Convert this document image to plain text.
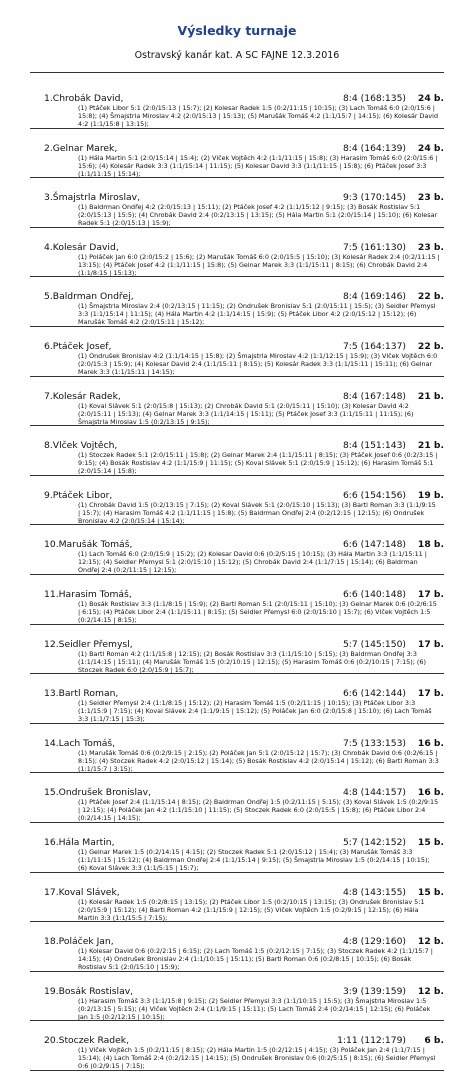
Výsledky turnaje
Ostravský kanár kat. A SC FAJNE 12.3.2016
1.Chrobák David,	8:4 (168:135)	24 b.
(1) Ptáček Libor 5:1 (2:0/15:13 | 15:7); (2) Kolesar Radek 1:5 (0:2/11:15 | 10:15); (3) Lach Tomáš 6:0 (2:0/15:6 | 15:8); (4) Šmajstrla Miroslav 4:2 (2:0/15:13 | 15:13); (5) Marušák Tomáš 4:2 (1:1/15:7 | 14:15); (6) Kolesár David 4:2 (1:1/15:8 | 13:15);
2.Gelnar Marek,	8:4 (164:139)	24 b.
(1) Hála Martin 5:1 (2:0/15:14 | 15:4); (2) Vlček Vojtěch 4:2 (1:1/11:15 | 15:8); (3) Harasim Tomáš 6:0 (2:0/15:6 | 15:6); (4) Kolesár Radek 3:3 (1:1/15:14 | 11:15); (5) Kolesar David 3:3 (1:1/11:15 | 15:8); (6) Ptáček Josef 3:3 (1:1/11:15 | 15:14);
3.Šmajstrla Miroslav,	9:3 (170:145)	23 b.
(1) Baldrman Ondřej 4:2 (2:0/15:13 | 15:11); (2) Ptáček Josef 4:2 (1:1/15:12 | 9:15); (3) Bosák Rostislav 5:1 (2:0/15:13 | 15:5); (4) Chrobák David 2:4 (0:2/13:15 | 13:15); (5) Hála Martin 5:1 (2:0/15:14 | 15:10); (6) Kolesar Radek 5:1 (2:0/15:13 | 15:9);
4.Kolesár David,	7:5 (161:130)	23 b.
(1) Poláček Jan 6:0 (2:0/15:2 | 15:6); (2) Marušák Tomáš 6:0 (2:0/15:5 | 15:10); (3) Kolesár Radek 2:4 (0:2/11:15 | 13:15); (4) Ptáček Josef 4:2 (1:1/11:15 | 15:8); (5) Gelnar Marek 3:3 (1:1/15:11 | 8:15); (6) Chrobák David 2:4 (1:1/8:15 | 15:13);
5.Baldrman Ondřej,	8:4 (169:146)	22 b.
(1) Šmajstrla Miroslav 2:4 (0:2/13:15 | 11:15); (2) Ondrušek Bronislav 5:1 (2:0/15:11 | 15:5); (3) Seidler Přemysl 3:3 (1:1/15:14 | 11:15); (4) Hála Martin 4:2 (1:1/14:15 | 15:9); (5) Ptáček Libor 4:2 (2:0/15:12 | 15:12); (6) Marušák Tomáš 4:2 (2:0/15:11 | 15:12);
6.Ptáček Josef,	7:5 (164:137)	22 b.
(1) Ondrušek Bronislav 4:2 (1:1/14:15 | 15:8); (2) Šmajstrla Miroslav 4:2 (1:1/12:15 | 15:9); (3) Vlček Vojtěch 6:0 (2:0/15:3 | 15:9); (4) Kolesar David 2:4 (1:1/15:11 | 8:15); (5) Kolesár Radek 3:3 (1:1/15:11 | 15:11); (6) Gelnar Marek 3:3 (1:1/15:11 | 14:15);
7.Kolesár Radek,	8:4 (167:148)	21 b.
(1) Koval Slávek 5:1 (2:0/15:8 | 15:13); (2) Chrobák David 5:1 (2:0/15:11 | 15:10); (3) Kolesar David 4:2 (2:0/15:11 | 15:13); (4) Gelnar Marek 3:3 (1:1/14:15 | 15:11); (5) Ptáček Josef 3:3 (1:1/15:11 | 11:15); (6) Šmajstrla Miroslav 1:5 (0:2/13:15 | 9:15);
8.Vlček Vojtěch,	8:4 (151:143)	21 b.
(1) Stoczek Radek 5:1 (2:0/15:11 | 15:8); (2) Gelnar Marek 2:4 (1:1/15:11 | 8:15); (3) Ptáček Josef 0:6 (0:2/3:15 | 9:15); (4) Bosák Rostislav 4:2 (1:1/15:9 | 11:15); (5) Koval Slávek 5:1 (2:0/15:9 | 15:12); (6) Harasim Tomáš 5:1 (2:0/15:14 | 15:8);
9.Ptáček Libor,	6:6 (154:156)	19 b.
(1) Chrobák David 1:5 (0:2/13:15 | 7:15); (2) Koval Slávek 5:1 (2:0/15:10 | 15:13); (3) Bartl Roman 3:3 (1:1/9:15 | 15:7); (4) Harasim Tomáš 4:2 (1:1/11:15 | 15:8); (5) Baldrman Ondřej 2:4 (0:2/12:15 | 12:15); (6) Ondrušek Bronislav 4:2 (2:0/15:14 | 15:14);
10.Marušák Tomáš,	6:6 (147:148)	18 b.
(1) Lach Tomáš 6:0 (2:0/15:9 | 15:2); (2) Kolesar David 0:6 (0:2/5:15 | 10:15); (3) Hála Martin 3:3 (1:1/15:11 | 12:15); (4) Seidler Přemysl 5:1 (2:0/15:10 | 15:12); (5) Chrobák David 2:4 (1:1/7:15 | 15:14); (6) Baldrman Ondřej 2:4 (0:2/11:15 | 12:15);
11.Harasim Tomáš,	6:6 (140:148)	17 b.
(1) Bosák Rostislav 3:3 (1:1/8:15 | 15:9); (2) Bartl Roman 5:1 (2:0/15:11 | 15:10); (3) Gelnar Marek 0:6 (0:2/6:15 | 6:15); (4) Ptáček Libor 2:4 (1:1/15:11 | 8:15); (5) Seidler Přemysl 6:0 (2:0/15:10 | 15:7); (6) Vlček Vojtěch 1:5 (0:2/14:15 | 8:15);
12.Seidler Přemysl,	5:7 (145:150)	17 b.
(1) Bartl Roman 4:2 (1:1/15:8 | 12:15); (2) Bosák Rostislav 3:3 (1:1/15:10 | 5:15); (3) Baldrman Ondřej 3:3 (1:1/14:15 | 15:11); (4) Marušák Tomáš 1:5 (0:2/10:15 | 12:15); (5) Harasim Tomáš 0:6 (0:2/10:15 | 7:15); (6) Stoczek Radek 6:0 (2:0/15:9 | 15:7);
13.Bartl Roman,	6:6 (142:144)	17 b.
(1) Seidler Přemysl 2:4 (1:1/8:15 | 15:12); (2) Harasim Tomáš 1:5 (0:2/11:15 | 10:15); (3) Ptáček Libor 3:3 (1:1/15:9 | 7:15); (4) Koval Slávek 2:4 (1:1/9:15 | 15:12); (5) Poláček Jan 6:0 (2:0/15:8 | 15:10); (6) Lach Tomáš 3:3 (1:1/7:15 | 15:3);
14.Lach Tomáš,	7:5 (133:153)	16 b.
(1) Marušák Tomáš 0:6 (0:2/9:15 | 2:15); (2) Poláček Jan 5:1 (2:0/15:12 | 15:7); (3) Chrobák David 0:6 (0:2/6:15 | 8:15); (4) Stoczek Radek 4:2 (2:0/15:12 | 15:14); (5) Bosák Rostislav 4:2 (2:0/15:14 | 15:12); (6) Bartl Roman 3:3 (1:1/15:7 | 3:15);
15.Ondrušek Bronislav,	4:8 (144:157)	16 b.
(1) Ptáček Josef 2:4 (1:1/15:14 | 8:15); (2) Baldrman Ondřej 1:5 (0:2/11:15 | 5:15); (3) Koval Slávek 1:5 (0:2/9:15 | 12:15); (4) Poláček Jan 4:2 (1:1/15:10 | 11:15); (5) Stoczek Radek 6:0 (2:0/15:5 | 15:8); (6) Ptáček Libor 2:4 (0:2/14:15 | 14:15);
16.Hála Martin,	5:7 (142:152)	15 b.
(1) Gelnar Marek 1:5 (0:2/14:15 | 4:15); (2) Stoczek Radek 5:1 (2:0/15:12 | 15:4); (3) Marušák Tomáš 3:3 (1:1/11:15 | 15:12); (4) Baldrman Ondřej 2:4 (1:1/15:14 | 9:15); (5) Šmajstrla Miroslav 1:5 (0:2/14:15 | 10:15); (6) Koval Slávek 3:3 (1:1/5:15 | 15:7);
17.Koval Slávek,	4:8 (143:155)	15 b.
(1) Kolesár Radek 1:5 (0:2/8:15 | 13:15); (2) Ptáček Libor 1:5 (0:2/10:15 | 13:15); (3) Ondrušek Bronislav 5:1 (2:0/15:9 | 15:12); (4) Bartl Roman 4:2 (1:1/15:9 | 12:15); (5) Vlček Vojtěch 1:5 (0:2/9:15 | 12:15); (6) Hála Martin 3:3 (1:1/15:5 | 7:15);
18.Poláček Jan,	4:8 (129:160)	12 b.
(1) Kolesar David 0:6 (0:2/2:15 | 6:15); (2) Lach Tomáš 1:5 (0:2/12:15 | 7:15); (3) Stoczek Radek 4:2 (1:1/15:7 | 14:15); (4) Ondrušek Bronislav 2:4 (1:1/10:15 | 15:11); (5) Bartl Roman 0:6 (0:2/8:15 | 10:15); (6) Bosák Rostislav 5:1 (2:0/15:10 | 15:9);
19.Bosák Rostislav,	3:9 (139:159)	12 b.
(1) Harasim Tomáš 3:3 (1:1/15:8 | 9:15); (2) Seidler Přemysl 3:3 (1:1/10:15 | 15:5); (3) Šmajstrla Miroslav 1:5 (0:2/13:15 | 5:15); (4) Vlček Vojtěch 2:4 (1:1/9:15 | 15:11); (5) Lach Tomáš 2:4 (0:2/14:15 | 12:15); (6) Poláček Jan 1:5 (0:2/12:15 | 10:15);
20.Stoczek Radek,	1:11 (112:179)	6 b.
(1) Vlček Vojtěch 1:5 (0:2/11:15 | 8:15); (2) Hála Martin 1:5 (0:2/12:15 | 4:15); (3) Poláček Jan 2:4 (1:1/7:15 | 15:14); (4) Lach Tomáš 2:4 (0:2/12:15 | 14:15); (5) Ondrušek Bronislav 0:6 (0:2/5:15 | 8:15); (6) Seidler Přemysl 0:6 (0:2/9:15 | 7:15);
